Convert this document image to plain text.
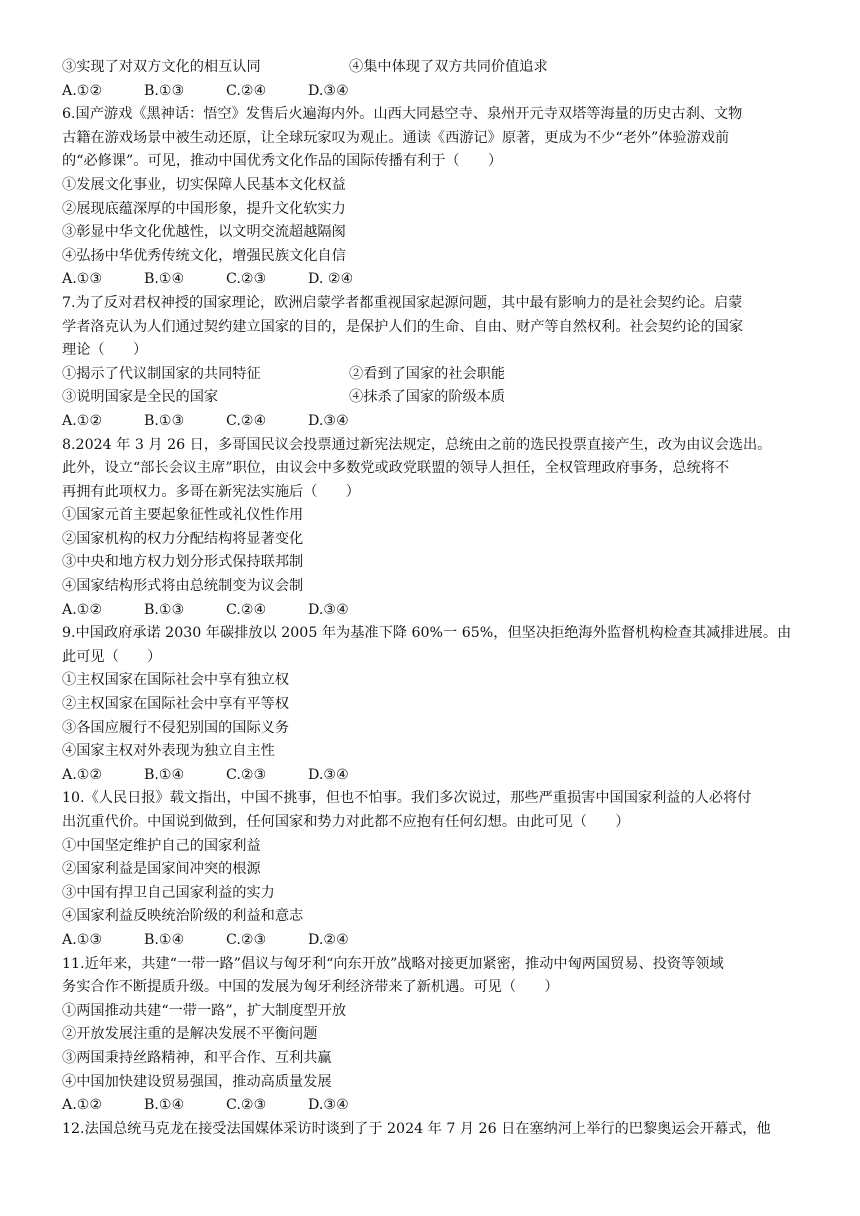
③实现了对双方文化的相互认同	④集中体现了双方共同价值追求
A.①②	B.①③	C.②④	D.③④
6.国产游戏《黑神话：悟空》发售后火遍海内外。山西大同悬空寺、泉州开元寺双塔等海量的历史古刹、文物
古籍在游戏场景中被生动还原，让全球玩家叹为观止。通读《西游记》原著，更成为不少“老外”体验游戏前
的“必修课”。可见，推动中国优秀文化作品的国际传播有利于（　　）
①发展文化事业，切实保障人民基本文化权益
②展现底蕴深厚的中国形象，提升文化软实力
③彰显中华文化优越性，以文明交流超越隔阂
④弘扬中华优秀传统文化，增强民族文化自信
A.①③	B.①④	C.②③	D. ②④
7.为了反对君权神授的国家理论，欧洲启蒙学者都重视国家起源问题，其中最有影响力的是社会契约论。启蒙
学者洛克认为人们通过契约建立国家的目的，是保护人们的生命、自由、财产等自然权利。社会契约论的国家
理论（　　）
①揭示了代议制国家的共同特征	②看到了国家的社会职能
③说明国家是全民的国家	④抹杀了国家的阶级本质
A.①②	B.①③	C.②④	D.③④
8.2024 年 3 月 26 日，多哥国民议会投票通过新宪法规定，总统由之前的选民投票直接产生，改为由议会选出。
此外，设立“部长会议主席”职位，由议会中多数党或政党联盟的领导人担任，全权管理政府事务，总统将不
再拥有此项权力。多哥在新宪法实施后（　　）
①国家元首主要起象征性或礼仪性作用
②国家机构的权力分配结构将显著变化
③中央和地方权力划分形式保持联邦制
④国家结构形式将由总统制变为议会制
A.①②	B.①③	C.②④	D.③④
9.中国政府承诺 2030 年碳排放以 2005 年为基准下降 60%一 65%，但坚决拒绝海外监督机构检查其减排进展。由
此可见（　　）
①主权国家在国际社会中享有独立权
②主权国家在国际社会中享有平等权
③各国应履行不侵犯别国的国际义务
④国家主权对外表现为独立自主性
A.①②	B.①④	C.②③	D.③④
10.《人民日报》载文指出，中国不挑事，但也不怕事。我们多次说过，那些严重损害中国国家利益的人必将付
出沉重代价。中国说到做到，任何国家和势力对此都不应抱有任何幻想。由此可见（　　）
①中国坚定维护自己的国家利益
②国家利益是国家间冲突的根源
③中国有捍卫自己国家利益的实力
④国家利益反映统治阶级的利益和意志
A.①③	B.①④	C.②③	D.②④
11.近年来，共建“一带一路”倡议与匈牙利“向东开放”战略对接更加紧密，推动中匈两国贸易、投资等领域
务实合作不断提质升级。中国的发展为匈牙利经济带来了新机遇。可见（　　）
①两国推动共建“一带一路”，扩大制度型开放
②开放发展注重的是解决发展不平衡问题
③两国秉持丝路精神，和平合作、互利共赢
④中国加快建设贸易强国，推动高质量发展
A.①②	B.①④	C.②③	D.③④
12.法国总统马克龙在接受法国媒体采访时谈到了于 2024 年 7 月 26 日在塞纳河上举行的巴黎奥运会开幕式，他
